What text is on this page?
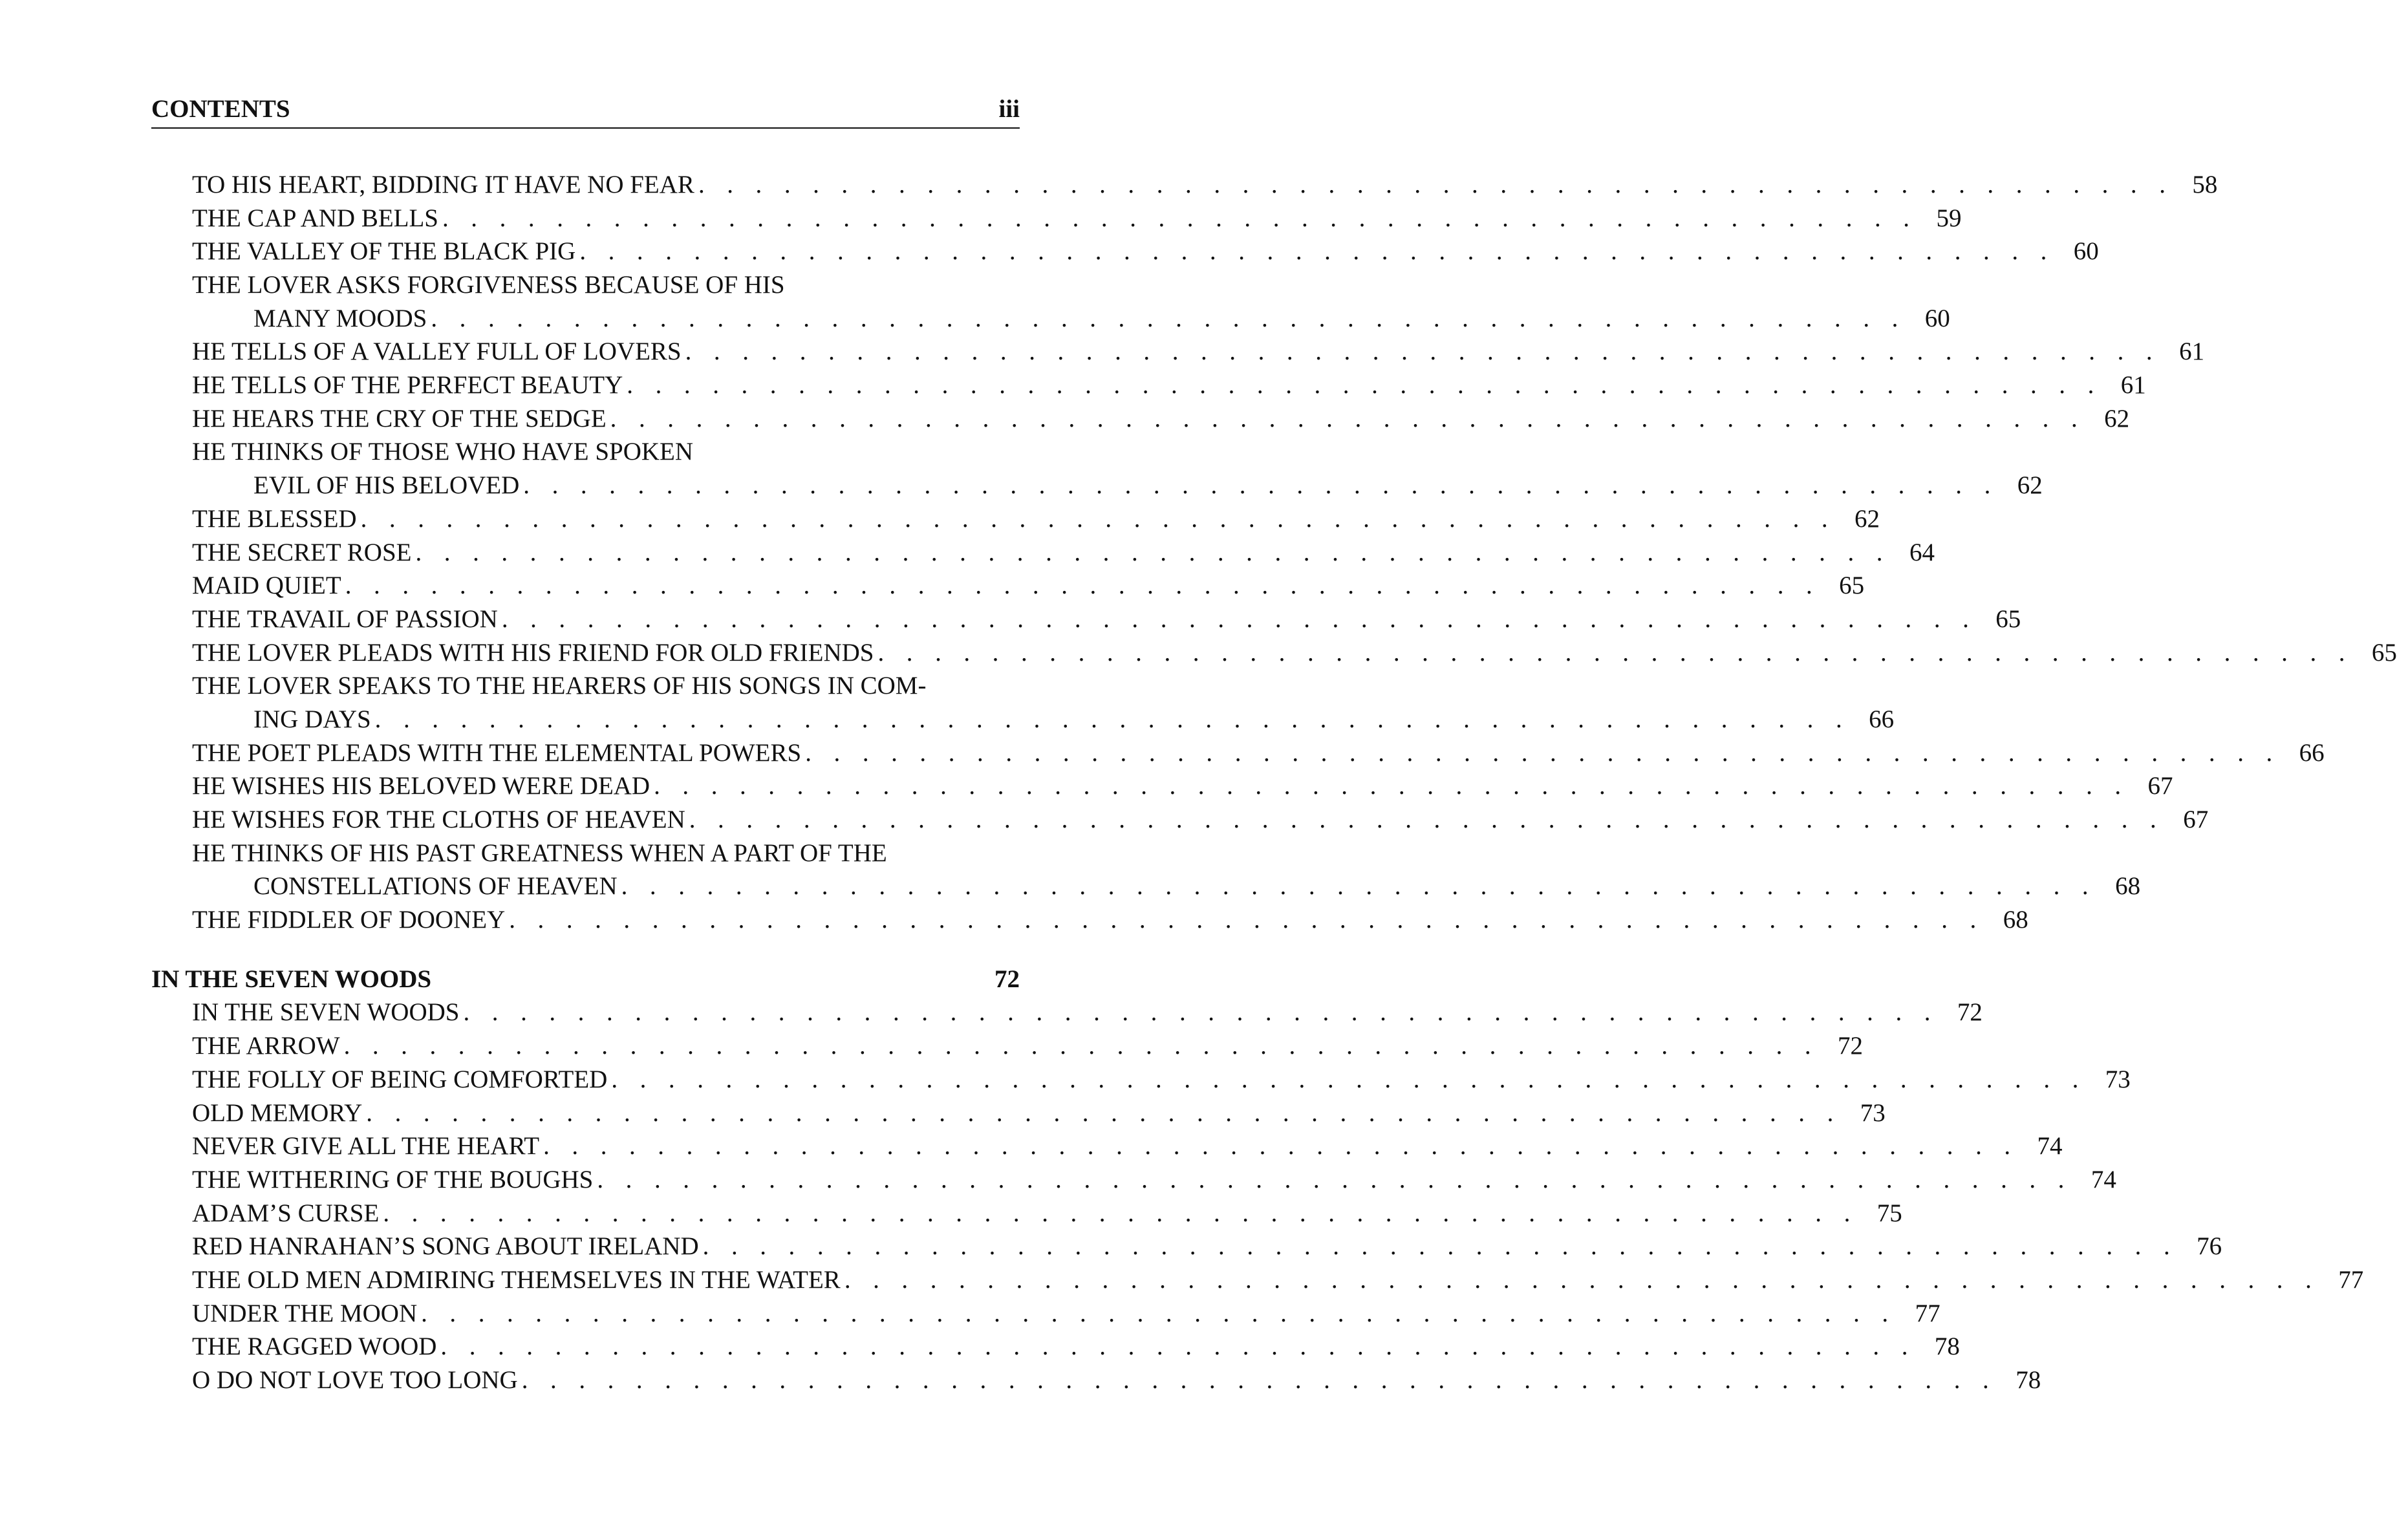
CONTENTS	iii
TO HIS HEART, BIDDING IT HAVE NO FEAR . . . . . . . . . . . . . . . . . . . . . . . . . . . . . . . . . . . . . . . . . . . . . . . . . . . . 58
THE CAP AND BELLS . . . . . . . . . . . . . . . . . . . . . . . . . . . . . . . . . . . . . . . . . . . . . . . . . . . . 59
THE VALLEY OF THE BLACK PIG . . . . . . . . . . . . . . . . . . . . . . . . . . . . . . . . . . . . . . . . . . . . . . . . . . . . 60
THE LOVER ASKS FORGIVENESS BECAUSE OF HIS
MANY MOODS . . . . . . . . . . . . . . . . . . . . . . . . . . . . . . . . . . . . . . . . . . . . . . . . . . . . 60
HE TELLS OF A VALLEY FULL OF LOVERS . . . . . . . . . . . . . . . . . . . . . . . . . . . . . . . . . . . . . . . . . . . . . . . . . . . . 61
HE TELLS OF THE PERFECT BEAUTY . . . . . . . . . . . . . . . . . . . . . . . . . . . . . . . . . . . . . . . . . . . . . . . . . . . . 61
HE HEARS THE CRY OF THE SEDGE . . . . . . . . . . . . . . . . . . . . . . . . . . . . . . . . . . . . . . . . . . . . . . . . . . . . 62
HE THINKS OF THOSE WHO HAVE SPOKEN
EVIL OF HIS BELOVED . . . . . . . . . . . . . . . . . . . . . . . . . . . . . . . . . . . . . . . . . . . . . . . . . . . . 62
THE BLESSED . . . . . . . . . . . . . . . . . . . . . . . . . . . . . . . . . . . . . . . . . . . . . . . . . . . . 62
THE SECRET ROSE . . . . . . . . . . . . . . . . . . . . . . . . . . . . . . . . . . . . . . . . . . . . . . . . . . . . 64
MAID QUIET . . . . . . . . . . . . . . . . . . . . . . . . . . . . . . . . . . . . . . . . . . . . . . . . . . . . 65
THE TRAVAIL OF PASSION . . . . . . . . . . . . . . . . . . . . . . . . . . . . . . . . . . . . . . . . . . . . . . . . . . . . 65
THE LOVER PLEADS WITH HIS FRIEND FOR OLD FRIENDS . . . . . . . . . . . . . . . . . . . . . . . . . . . . . . . . . . . . . . . . . . . . . . . . . . . . 65
THE LOVER SPEAKS TO THE HEARERS OF HIS SONGS IN COM-
ING DAYS . . . . . . . . . . . . . . . . . . . . . . . . . . . . . . . . . . . . . . . . . . . . . . . . . . . . 66
THE POET PLEADS WITH THE ELEMENTAL POWERS . . . . . . . . . . . . . . . . . . . . . . . . . . . . . . . . . . . . . . . . . . . . . . . . . . . . 66
HE WISHES HIS BELOVED WERE DEAD . . . . . . . . . . . . . . . . . . . . . . . . . . . . . . . . . . . . . . . . . . . . . . . . . . . . 67
HE WISHES FOR THE CLOTHS OF HEAVEN . . . . . . . . . . . . . . . . . . . . . . . . . . . . . . . . . . . . . . . . . . . . . . . . . . . . 67
HE THINKS OF HIS PAST GREATNESS WHEN A PART OF THE
CONSTELLATIONS OF HEAVEN . . . . . . . . . . . . . . . . . . . . . . . . . . . . . . . . . . . . . . . . . . . . . . . . . . . . 68
THE FIDDLER OF DOONEY . . . . . . . . . . . . . . . . . . . . . . . . . . . . . . . . . . . . . . . . . . . . . . . . . . . . 68
IN THE SEVEN WOODS	72
IN THE SEVEN WOODS . . . . . . . . . . . . . . . . . . . . . . . . . . . . . . . . . . . . . . . . . . . . . . . . . . . . 72
THE ARROW . . . . . . . . . . . . . . . . . . . . . . . . . . . . . . . . . . . . . . . . . . . . . . . . . . . . 72
THE FOLLY OF BEING COMFORTED . . . . . . . . . . . . . . . . . . . . . . . . . . . . . . . . . . . . . . . . . . . . . . . . . . . . 73
OLD MEMORY . . . . . . . . . . . . . . . . . . . . . . . . . . . . . . . . . . . . . . . . . . . . . . . . . . . . 73
NEVER GIVE ALL THE HEART . . . . . . . . . . . . . . . . . . . . . . . . . . . . . . . . . . . . . . . . . . . . . . . . . . . . 74
THE WITHERING OF THE BOUGHS . . . . . . . . . . . . . . . . . . . . . . . . . . . . . . . . . . . . . . . . . . . . . . . . . . . . 74
ADAM’S CURSE . . . . . . . . . . . . . . . . . . . . . . . . . . . . . . . . . . . . . . . . . . . . . . . . . . . . 75
RED HANRAHAN’S SONG ABOUT IRELAND . . . . . . . . . . . . . . . . . . . . . . . . . . . . . . . . . . . . . . . . . . . . . . . . . . . . 76
THE OLD MEN ADMIRING THEMSELVES IN THE WATER . . . . . . . . . . . . . . . . . . . . . . . . . . . . . . . . . . . . . . . . . . . . . . . . . . . . 77
UNDER THE MOON . . . . . . . . . . . . . . . . . . . . . . . . . . . . . . . . . . . . . . . . . . . . . . . . . . . . 77
THE RAGGED WOOD . . . . . . . . . . . . . . . . . . . . . . . . . . . . . . . . . . . . . . . . . . . . . . . . . . . . 78
O DO NOT LOVE TOO LONG . . . . . . . . . . . . . . . . . . . . . . . . . . . . . . . . . . . . . . . . . . . . . . . . . . . . 78
